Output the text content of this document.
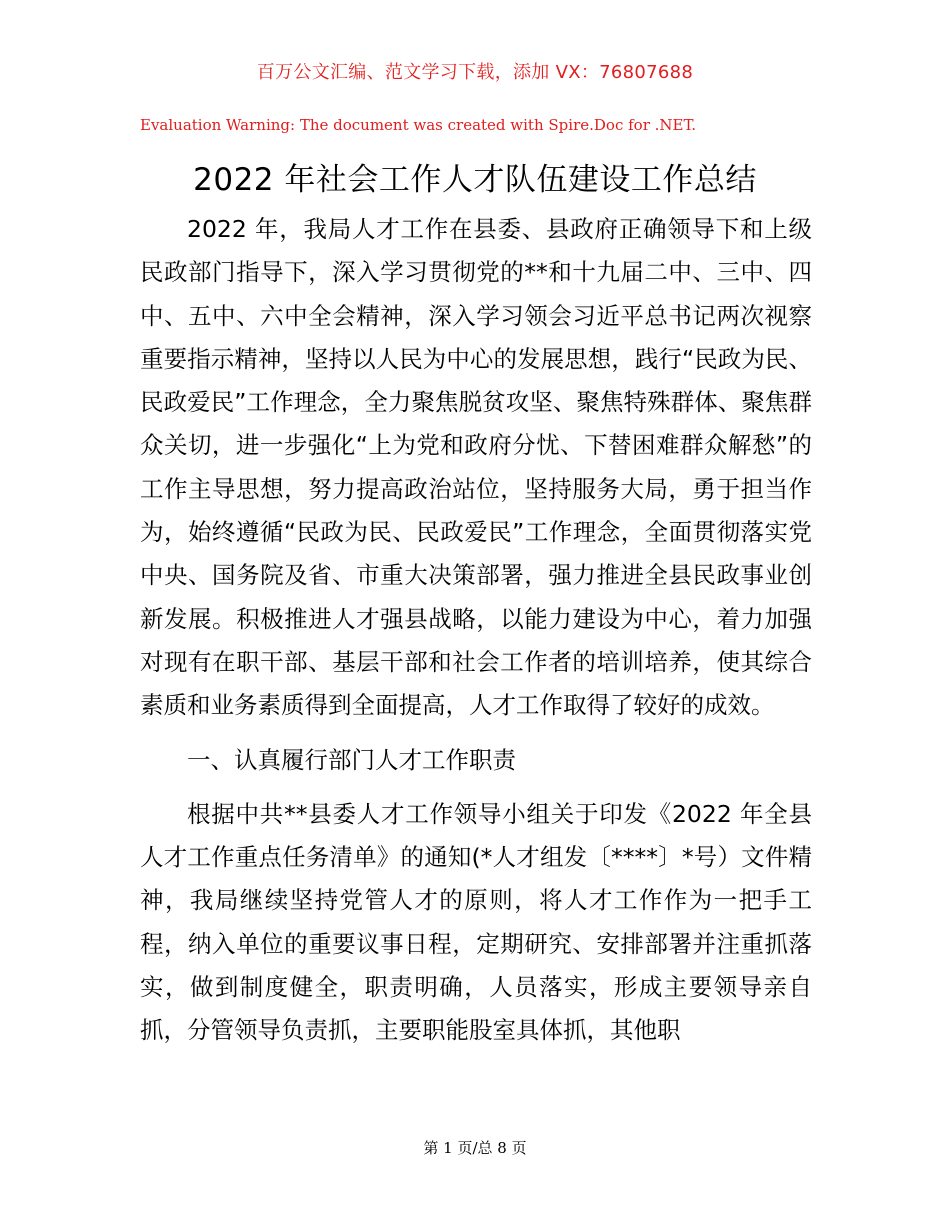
百万公文汇编、范文学习下载，添加 VX：76807688
Evaluation Warning: The document was created with Spire.Doc for .NET.
2022 年社会工作人才队伍建设工作总结

2022 年，我局人才工作在县委、县政府正确领导下和上级民政部门指导下，深入学习贯彻党的**和十九届二中、三中、四中、五中、六中全会精神，深入学习领会习近平总书记两次视察重要指示精神，坚持以人民为中心的发展思想，践行“民政为民、民政爱民”工作理念，全力聚焦脱贫攻坚、聚焦特殊群体、聚焦群众关切，进一步强化“上为党和政府分忧、下替困难群众解愁”的工作主导思想，努力提高政治站位，坚持服务大局，勇于担当作为，始终遵循“民政为民、民政爱民”工作理念，全面贯彻落实党中央、国务院及省、市重大决策部署，强力推进全县民政事业创新发展。积极推进人才强县战略，以能力建设为中心，着力加强对现有在职干部、基层干部和社会工作者的培训培养，使其综合素质和业务素质得到全面提高，人才工作取得了较好的成效。

一、认真履行部门人才工作职责

根据中共**县委人才工作领导小组关于印发《2022 年全县人才工作重点任务清单》的通知(*人才组发〔****〕*号）文件精神，我局继续坚持党管人才的原则，将人才工作作为一把手工程，纳入单位的重要议事日程，定期研究、安排部署并注重抓落实，做到制度健全，职责明确，人员落实，形成主要领导亲自抓，分管领导负责抓，主要职能股室具体抓，其他职

第 1 页/总 8 页
